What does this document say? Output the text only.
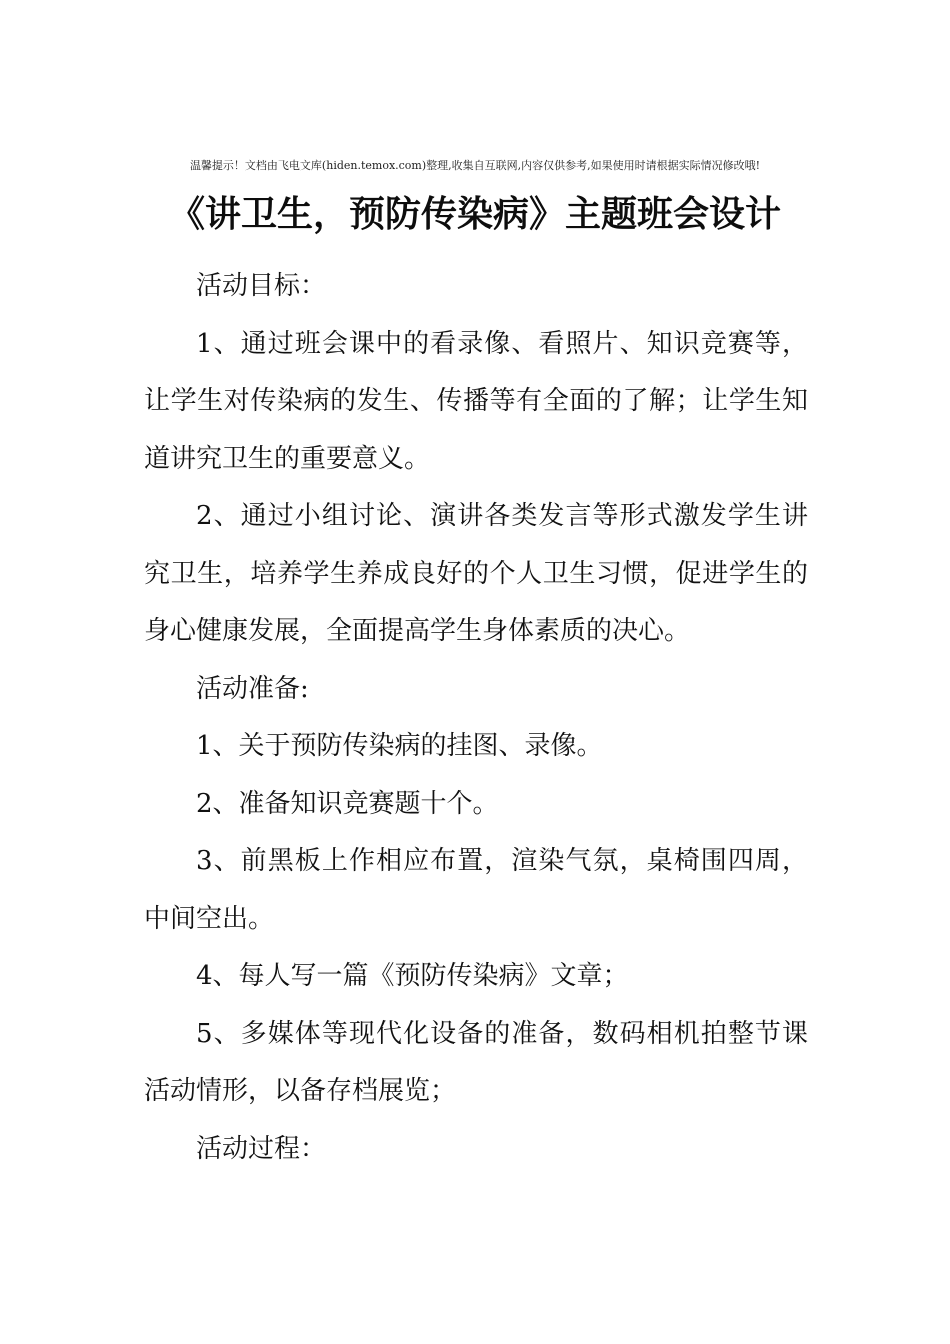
温馨提示！文档由飞电文库(hiden.temox.com)整理,收集自互联网,内容仅供参考,如果使用时请根据实际情况修改哦!
《讲卫生，预防传染病》主题班会设计

活动目标：

1、通过班会课中的看录像、看照片、知识竞赛等，让学生对传染病的发生、传播等有全面的了解；让学生知道讲究卫生的重要意义。

2、通过小组讨论、演讲各类发言等形式激发学生讲究卫生，培养学生养成良好的个人卫生习惯，促进学生的身心健康发展，全面提高学生身体素质的决心。

活动准备:

1、关于预防传染病的挂图、录像。

2、准备知识竞赛题十个。

3、前黑板上作相应布置，渲染气氛，桌椅围四周，中间空出。

4、每人写一篇《预防传染病》文章；

5、多媒体等现代化设备的准备，数码相机拍整节课活动情形，以备存档展览；

活动过程：
